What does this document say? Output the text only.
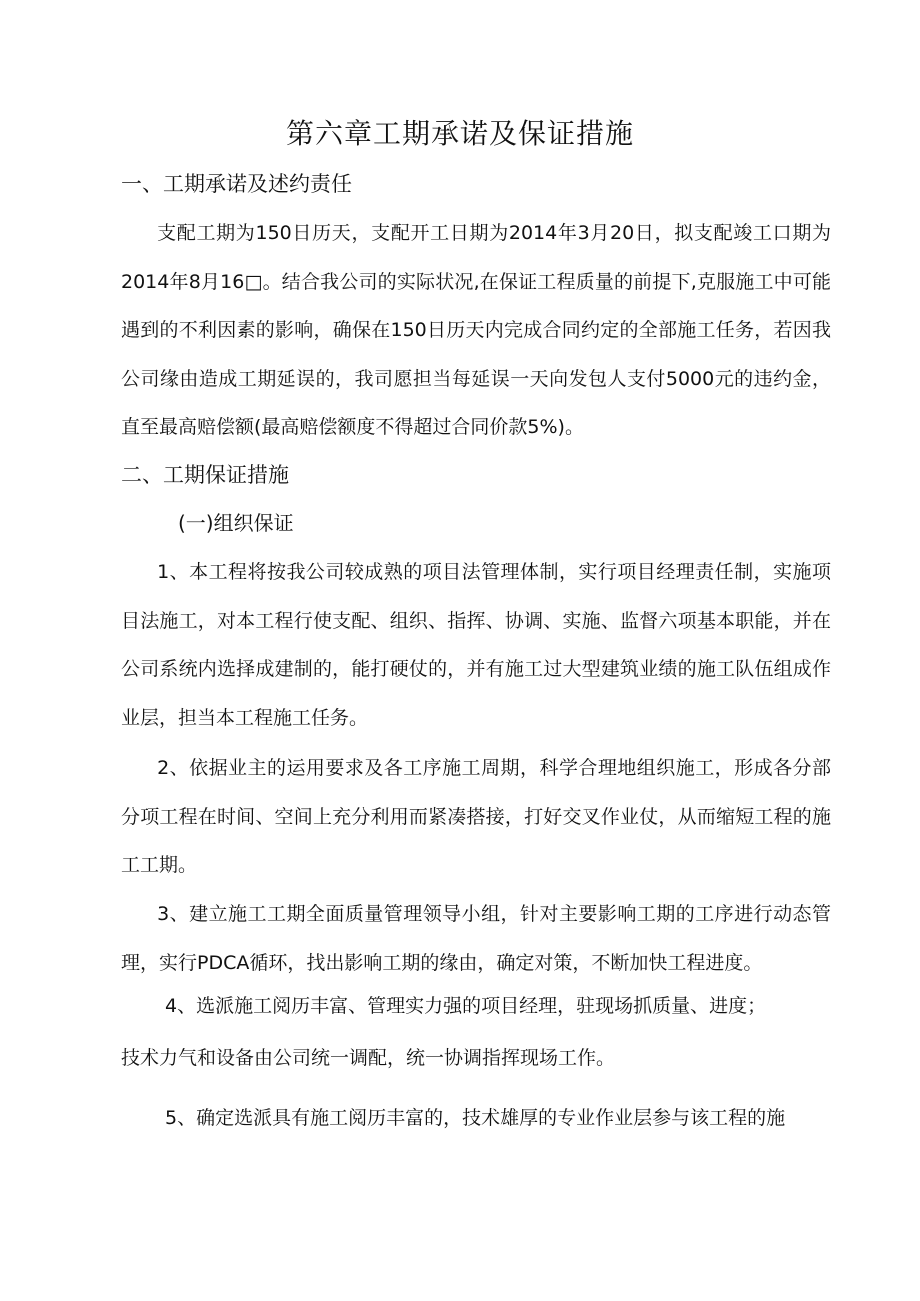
第六章工期承诺及保证措施
一、工期承诺及述约责任

支配工期为150日历天，支配开工日期为2014年3月20日，拟支配竣工口期为2014年8月16□。结合我公司的实际状况,在保证工程质量的前提下,克服施工中可能遇到的不利因素的影响，确保在150日历天内完成合同约定的全部施工任务，若因我公司缘由造成工期延误的，我司愿担当每延误一天向发包人支付5000元的违约金，直至最高赔偿额(最高赔偿额度不得超过合同价款5%)。

二、工期保证措施
(一)组织保证

1、本工程将按我公司较成熟的项目法管理体制，实行项目经理责任制，实施项目法施工，对本工程行使支配、组织、指挥、协调、实施、监督六项基本职能，并在公司系统内选择成建制的，能打硬仗的，并有施工过大型建筑业绩的施工队伍组成作业层，担当本工程施工任务。

2、依据业主的运用要求及各工序施工周期，科学合理地组织施工，形成各分部分项工程在时间、空间上充分利用而紧凑搭接，打好交叉作业仗，从而缩短工程的施工工期。

3、建立施工工期全面质量管理领导小组，针对主要影响工期的工序进行动态管理，实行PDCA循环，找出影响工期的缘由，确定对策，不断加快工程进度。

4、选派施工阅历丰富、管理实力强的项目经理，驻现场抓质量、进度；

技术力气和设备由公司统一调配，统一协调指挥现场工作。

5、确定选派具有施工阅历丰富的，技术雄厚的专业作业层参与该工程的施
